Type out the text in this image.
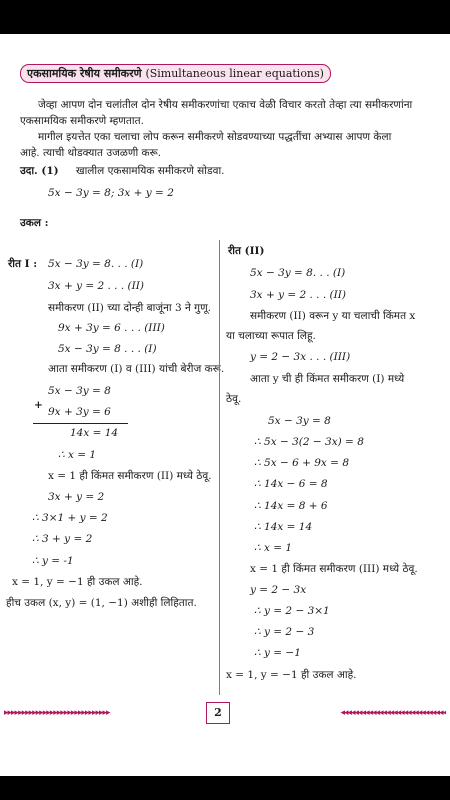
एकसामयिक रेषीय समीकरणे (Simultaneous linear equations)
जेव्हा आपण दोन चलांतील दोन रेषीय समीकरणांचा एकाच वेळी विचार करतो तेव्हा त्या समीकरणांना
एकसामयिक समीकरणे म्हणतात.
मागील इयत्तेत एका चलाचा लोप करून समीकरणे सोडवण्याच्या पद्धतींचा अभ्यास आपण केला
आहे. त्याची थोडक्यात उजळणी करू.
उदा. (1) खालील एकसामयिक समीकरणे सोडवा.
5x − 3y = 8; 3x + y = 2
उकल :
रीत I : 5x − 3y = 8. . . (I)
3x + y = 2 . . . (II)
समीकरण (II) च्या दोन्ही बाजूंना 3 ने गुणू.
9x + 3y = 6 . . . (III)
5x − 3y = 8 . . . (I)
आता समीकरण (I) व (III) यांची बेरीज करू.
5x − 3y = 8
+
9x + 3y = 6
14x = 14
∴ x = 1
x = 1 ही किंमत समीकरण (II) मध्ये ठेवू.
3x + y = 2
∴ 3×1 + y = 2
∴ 3 + y = 2
∴ y = -1
x = 1, y = −1 ही उकल आहे.
हीच उकल (x, y) = (1, −1) अशीही लिहितात.
रीत (II)
5x − 3y = 8. . . (I)
3x + y = 2 . . . (II)
समीकरण (II) वरून y या चलाची किंमत x
या चलाच्या रूपात लिहू.
y = 2 − 3x . . . (III)
आता y ची ही किंमत समीकरण (I) मध्ये
ठेवू.
5x − 3y = 8
∴ 5x − 3(2 − 3x) = 8
∴ 5x − 6 + 9x = 8
∴ 14x − 6 = 8
∴ 14x = 8 + 6
∴ 14x = 14
∴ x = 1
x = 1 ही किंमत समीकरण (III) मध्ये ठेवू.
y = 2 − 3x
∴ y = 2 − 3×1
∴ y = 2 − 3
∴ y = −1
x = 1, y = −1 ही उकल आहे.
▸▸▸▸▸▸▸▸▸▸▸▸▸▸▸▸▸▸▸▸▸▸▸▸▸▸▸▸▸▸	2	◂◂◂◂◂◂◂◂◂◂◂◂◂◂◂◂◂◂◂◂◂◂◂◂◂◂◂◂◂◂
